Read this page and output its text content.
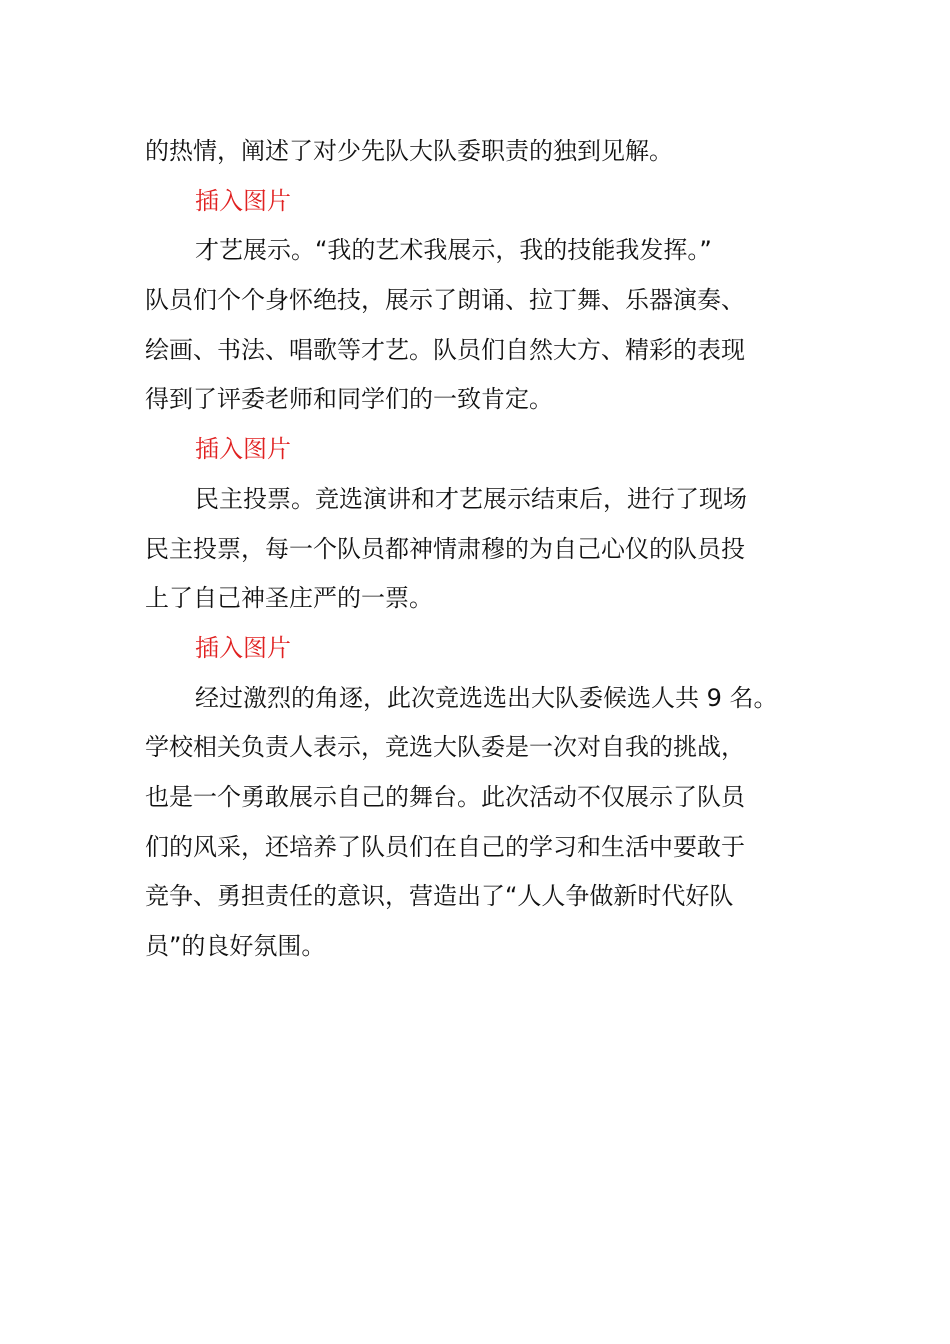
的热情，阐述了对少先队大队委职责的独到见解。
插入图片
才艺展示。“我的艺术我展示，我的技能我发挥。”
队员们个个身怀绝技，展示了朗诵、拉丁舞、乐器演奏、
绘画、书法、唱歌等才艺。队员们自然大方、精彩的表现
得到了评委老师和同学们的一致肯定。
插入图片
民主投票。竞选演讲和才艺展示结束后，进行了现场
民主投票，每一个队员都神情肃穆的为自己心仪的队员投
上了自己神圣庄严的一票。
插入图片
经过激烈的角逐，此次竞选选出大队委候选人共 9 名。
学校相关负责人表示，竞选大队委是一次对自我的挑战，
也是一个勇敢展示自己的舞台。此次活动不仅展示了队员
们的风采，还培养了队员们在自己的学习和生活中要敢于
竞争、勇担责任的意识，营造出了“人人争做新时代好队
员”的良好氛围。
